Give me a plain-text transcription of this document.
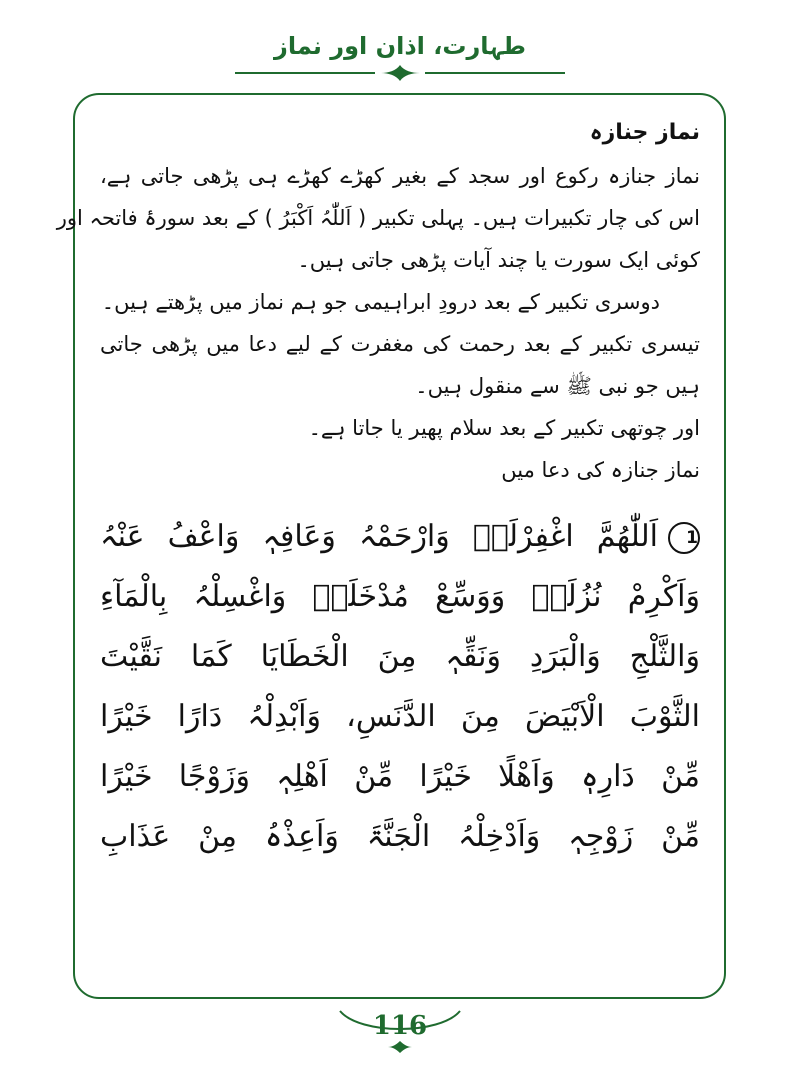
طہارت، اذان اور نماز
نماز جنازہ
نماز جنازہ رکوع اور سجد کے بغیر کھڑے کھڑے ہی پڑھی جاتی ہے،
اس کی چار تکبیرات ہیں۔ پہلی تکبیر ( اَللّٰہُ اَکْبَرُ ) کے بعد سورۂ فاتحہ اور
کوئی ایک سورت یا چند آیات پڑھی جاتی ہیں۔
دوسری تکبیر کے بعد درودِ ابراہیمی جو ہم نماز میں پڑھتے ہیں۔
تیسری تکبیر کے بعد رحمت کی مغفرت کے لیے دعا میں پڑھی جاتی
ہیں جو نبی ﷺ سے منقول ہیں۔
اور چوتھی تکبیر کے بعد سلام پھیر یا جاتا ہے۔
نماز جنازہ کی دعا میں
1اَللّٰھُمَّ اغْفِرْلَہٗ وَارْحَمْہُ وَعَافِہٖ وَاعْفُ عَنْہُ
وَاَکْرِمْ نُزُلَہٗ وَوَسِّعْ مُدْخَلَہٗ وَاغْسِلْہُ بِالْمَآءِ
وَالثَّلْجِ وَالْبَرَدِ وَنَقِّہٖ مِنَ الْخَطَایَا کَمَا نَقَّیْتَ
الثَّوْبَ الْاَبْیَضَ مِنَ الدَّنَسِ، وَاَبْدِلْہُ دَارًا خَیْرًا
مِّنْ دَارِہٖ وَاَھْلًا خَیْرًا مِّنْ اَھْلِہٖ وَزَوْجًا خَیْرًا
مِّنْ زَوْجِہٖ وَاَدْخِلْہُ الْجَنَّۃَ وَاَعِذْہُ مِنْ عَذَابِ
116
